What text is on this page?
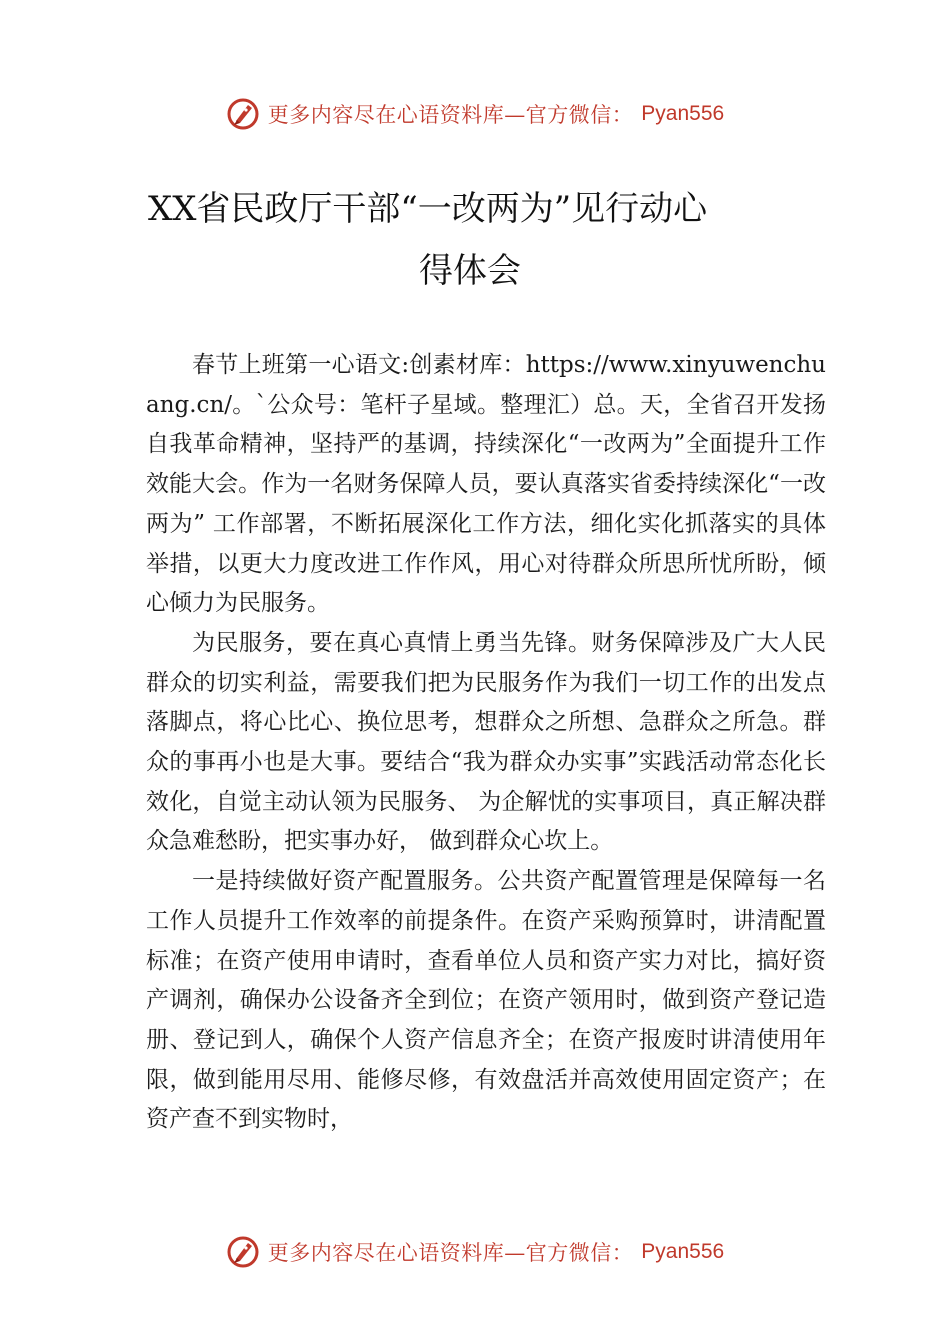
更多内容尽在心语资料库—官方微信： Pyan556
XX省民政厅干部“一改两为”见行动心
得体会

春节上班第一心语文:创素材库：https://www.xinyuwenchuang.cn/。`公众号：笔杆子星域。整理汇）总。天，全省召开发扬自我革命精神，坚持严的基调，持续深化“一改两为”全面提升工作效能大会。作为一名财务保障人员，要认真落实省委持续深化“一改两为” 工作部署，不断拓展深化工作方法，细化实化抓落实的具体举措，以更大力度改进工作作风，用心对待群众所思所忧所盼，倾心倾力为民服务。

为民服务，要在真心真情上勇当先锋。财务保障涉及广大人民群众的切实利益，需要我们把为民服务作为我们一切工作的出发点落脚点，将心比心、换位思考，想群众之所想、急群众之所急。群众的事再小也是大事。要结合“我为群众办实事”实践活动常态化长效化，自觉主动认领为民服务、 为企解忧的实事项目，真正解决群众急难愁盼，把实事办好， 做到群众心坎上。

一是持续做好资产配置服务。公共资产配置管理是保障每一名工作人员提升工作效率的前提条件。在资产采购预算时，讲清配置标准；在资产使用申请时，查看单位人员和资产实力对比，搞好资产调剂，确保办公设备齐全到位；在资产领用时，做到资产登记造册、登记到人，确保个人资产信息齐全；在资产报废时讲清使用年限，做到能用尽用、能修尽修，有效盘活并高效使用固定资产；在资产查不到实物时，

更多内容尽在心语资料库—官方微信： Pyan556
